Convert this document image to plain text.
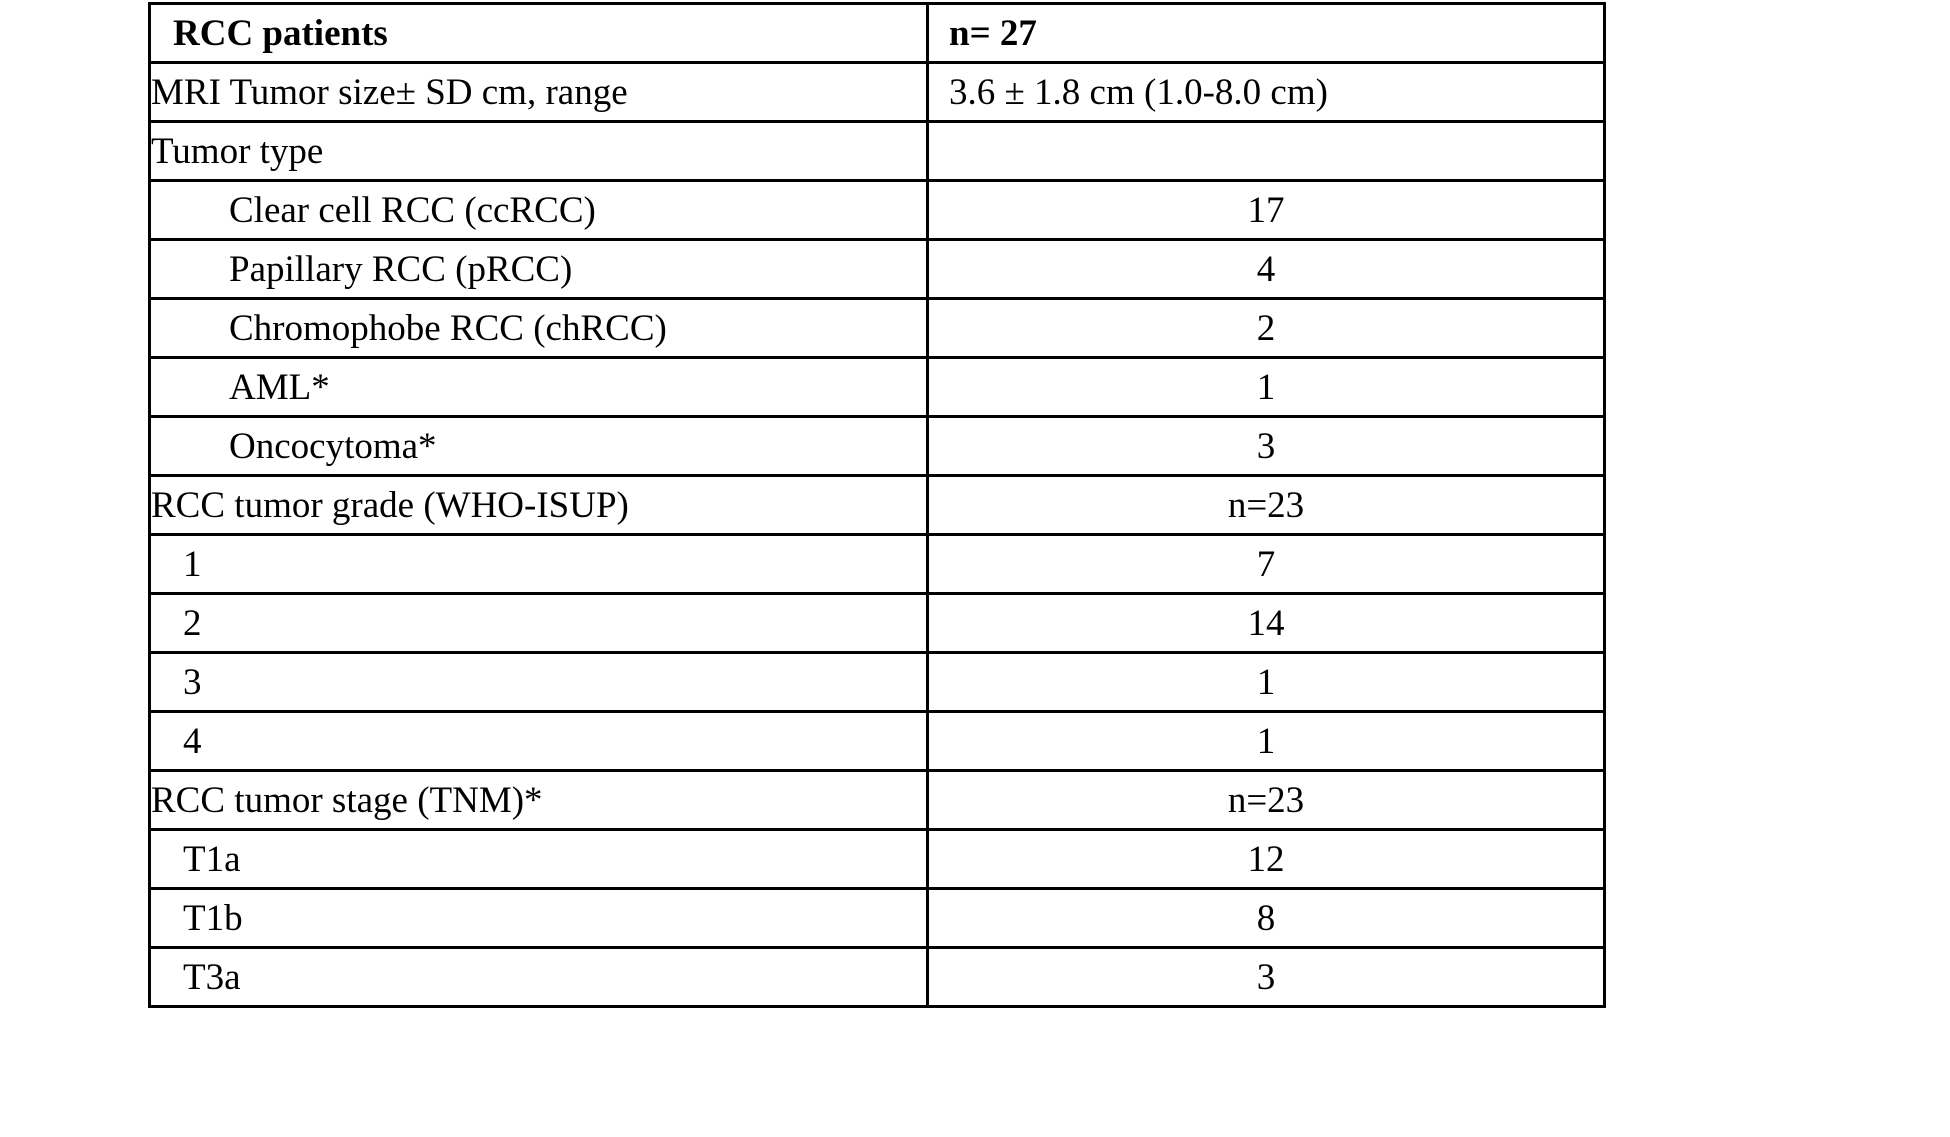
RCC patients	n= 27
MRI Tumor size± SD cm, range	3.6 ± 1.8 cm (1.0-8.0 cm)
Tumor type	
Clear cell RCC (ccRCC)	17
Papillary RCC (pRCC)	4
Chromophobe RCC (chRCC)	2
AML*	1
Oncocytoma*	3
RCC tumor grade (WHO-ISUP)	n=23
1	7
2	14
3	1
4	1
RCC tumor stage (TNM)*	n=23
T1a	12
T1b	8
T3a	3
